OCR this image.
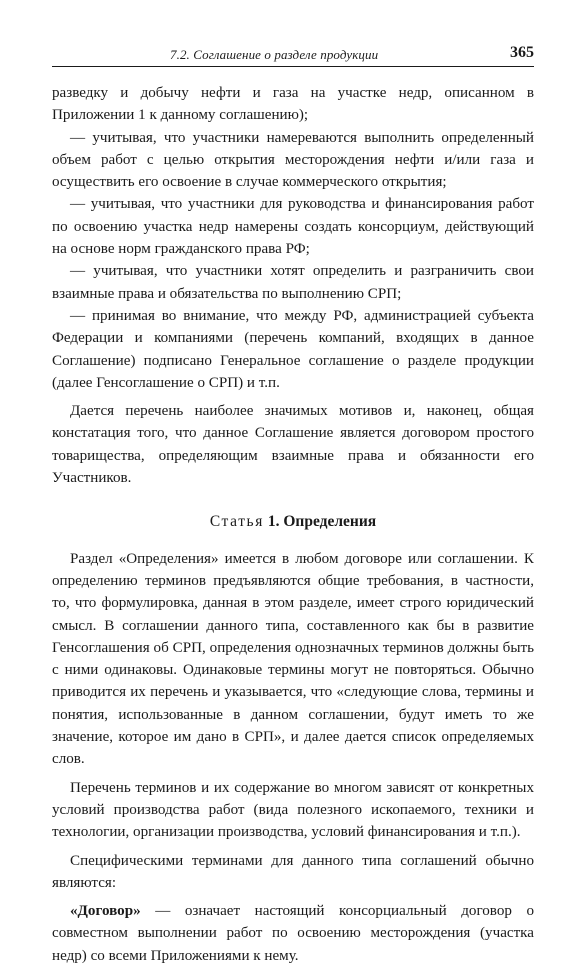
7.2. Соглашение о разделе продукции	365

разведку и добычу нефти и газа на участке недр, описанном в Приложении 1 к данному соглашению);

— учитывая, что участники намереваются выполнить определенный объем работ с целью открытия месторождения нефти и/или газа и осуществить его освоение в случае коммерческого открытия;

— учитывая, что участники для руководства и финансирования работ по освоению участка недр намерены создать консорциум, действующий на основе норм гражданского права РФ;

— учитывая, что участники хотят определить и разграничить свои взаимные права и обязательства по выполнению СРП;

— принимая во внимание, что между РФ, администрацией субъекта Федерации и компаниями (перечень компаний, входящих в данное Соглашение) подписано Генеральное соглашение о разделе продукции (далее Генсоглашение о СРП) и т.п.

Дается перечень наиболее значимых мотивов и, наконец, общая констатация того, что данное Соглашение является договором простого товарищества, определяющим взаимные права и обязанности его Участников.

Статья 1. Определения

Раздел «Определения» имеется в любом договоре или соглашении. К определению терминов предъявляются общие требования, в частности, то, что формулировка, данная в этом разделе, имеет строго юридический смысл. В соглашении данного типа, составленного как бы в развитие Генсоглашения об СРП, определения однозначных терминов должны быть с ними одинаковы. Одинаковые термины могут не повторяться. Обычно приводится их перечень и указывается, что «следующие слова, термины и понятия, использованные в данном соглашении, будут иметь то же значение, которое им дано в СРП», и далее дается список определяемых слов.

Перечень терминов и их содержание во многом зависят от конкретных условий производства работ (вида полезного ископаемого, техники и технологии, организации производства, условий финансирования и т.п.).

Специфическими терминами для данного типа соглашений обычно являются:

«Договор» — означает настоящий консорциальный договор о совместном выполнении работ по освоению месторождения (участка недр) со всеми Приложениями к нему.
